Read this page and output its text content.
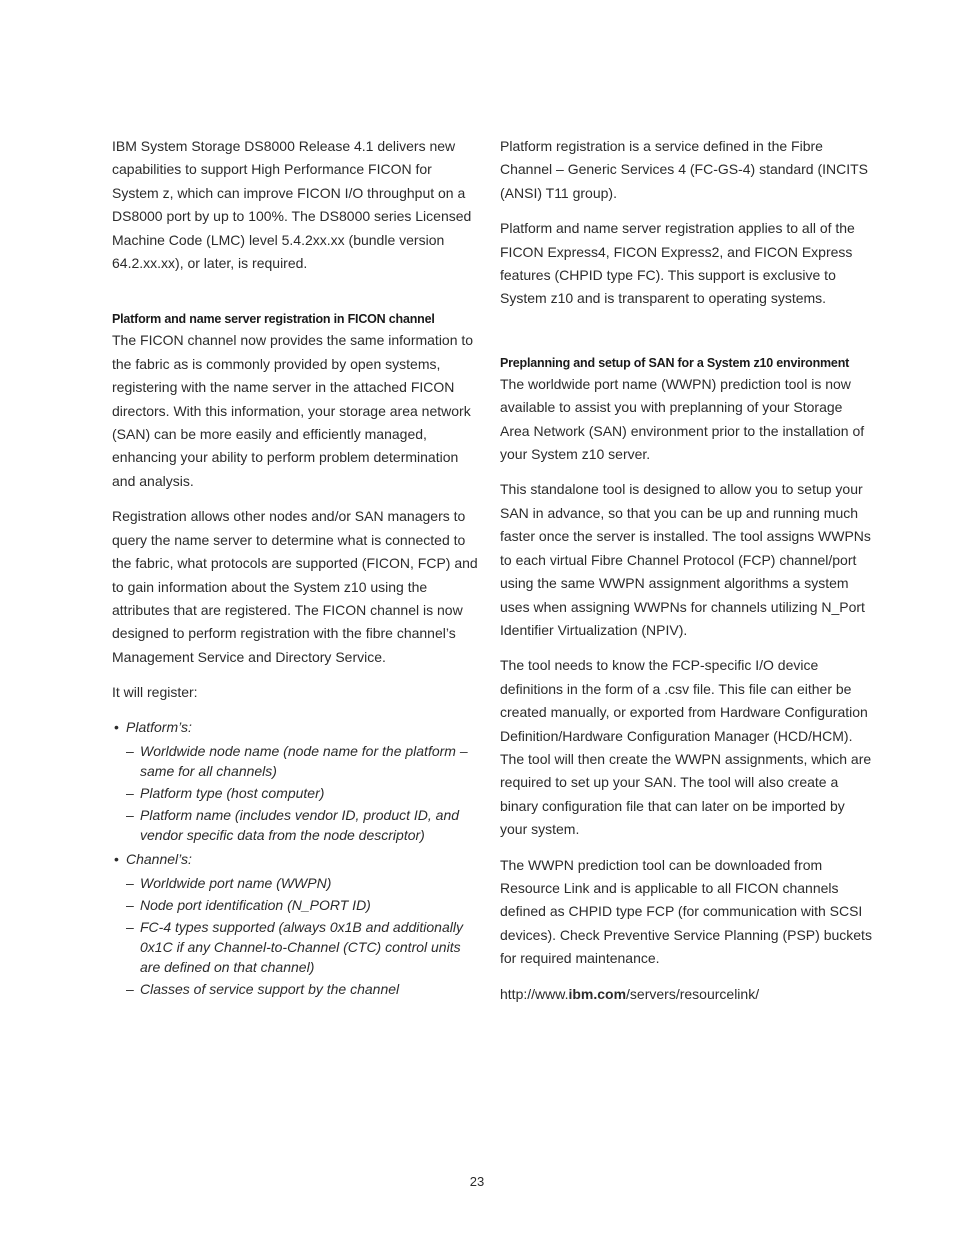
IBM System Storage DS8000 Release 4.1 delivers new capabilities to support High Performance FICON for System z, which can improve FICON I/O throughput on a DS8000 port by up to 100%. The DS8000 series Licensed Machine Code (LMC) level 5.4.2xx.xx (bundle version 64.2.xx.xx), or later, is required.

Platform and name server registration in FICON channel

The FICON channel now provides the same information to the fabric as is commonly provided by open systems, registering with the name server in the attached FICON directors. With this information, your storage area network (SAN) can be more easily and efficiently managed, enhancing your ability to perform problem determination and analysis.

Registration allows other nodes and/or SAN managers to query the name server to determine what is connected to the fabric, what protocols are supported (FICON, FCP) and to gain information about the System z10 using the attributes that are registered. The FICON channel is now designed to perform registration with the fibre channel’s Management Service and Directory Service.

It will register:

• Platform’s:
– Worldwide node name (node name for the platform – same for all channels)
– Platform type (host computer)
– Platform name (includes vendor ID, product ID, and vendor specific data from the node descriptor)
• Channel’s:
– Worldwide port name (WWPN)
– Node port identification (N_PORT ID)
– FC-4 types supported (always 0x1B and additionally 0x1C if any Channel-to-Channel (CTC) control units are defined on that channel)
– Classes of service support by the channel

Platform registration is a service defined in the Fibre Channel – Generic Services 4 (FC-GS-4) standard (INCITS (ANSI) T11 group).

Platform and name server registration applies to all of the FICON Express4, FICON Express2, and FICON Express features (CHPID type FC). This support is exclusive to System z10 and is transparent to operating systems.

Preplanning and setup of SAN for a System z10 environment

The worldwide port name (WWPN) prediction tool is now available to assist you with preplanning of your Storage Area Network (SAN) environment prior to the installation of your System z10 server.

This standalone tool is designed to allow you to setup your SAN in advance, so that you can be up and running much faster once the server is installed. The tool assigns WWPNs to each virtual Fibre Channel Protocol (FCP) channel/port using the same WWPN assignment algorithms a system uses when assigning WWPNs for channels utilizing N_Port Identifier Virtualization (NPIV).

The tool needs to know the FCP-specific I/O device definitions in the form of a .csv file. This file can either be created manually, or exported from Hardware Configuration Definition/Hardware Configuration Manager (HCD/HCM). The tool will then create the WWPN assignments, which are required to set up your SAN. The tool will also create a binary configuration file that can later on be imported by your system.

The WWPN prediction tool can be downloaded from Resource Link and is applicable to all FICON channels defined as CHPID type FCP (for communication with SCSI devices). Check Preventive Service Planning (PSP) buckets for required maintenance.

http://www.ibm.com/servers/resourcelink/

23
